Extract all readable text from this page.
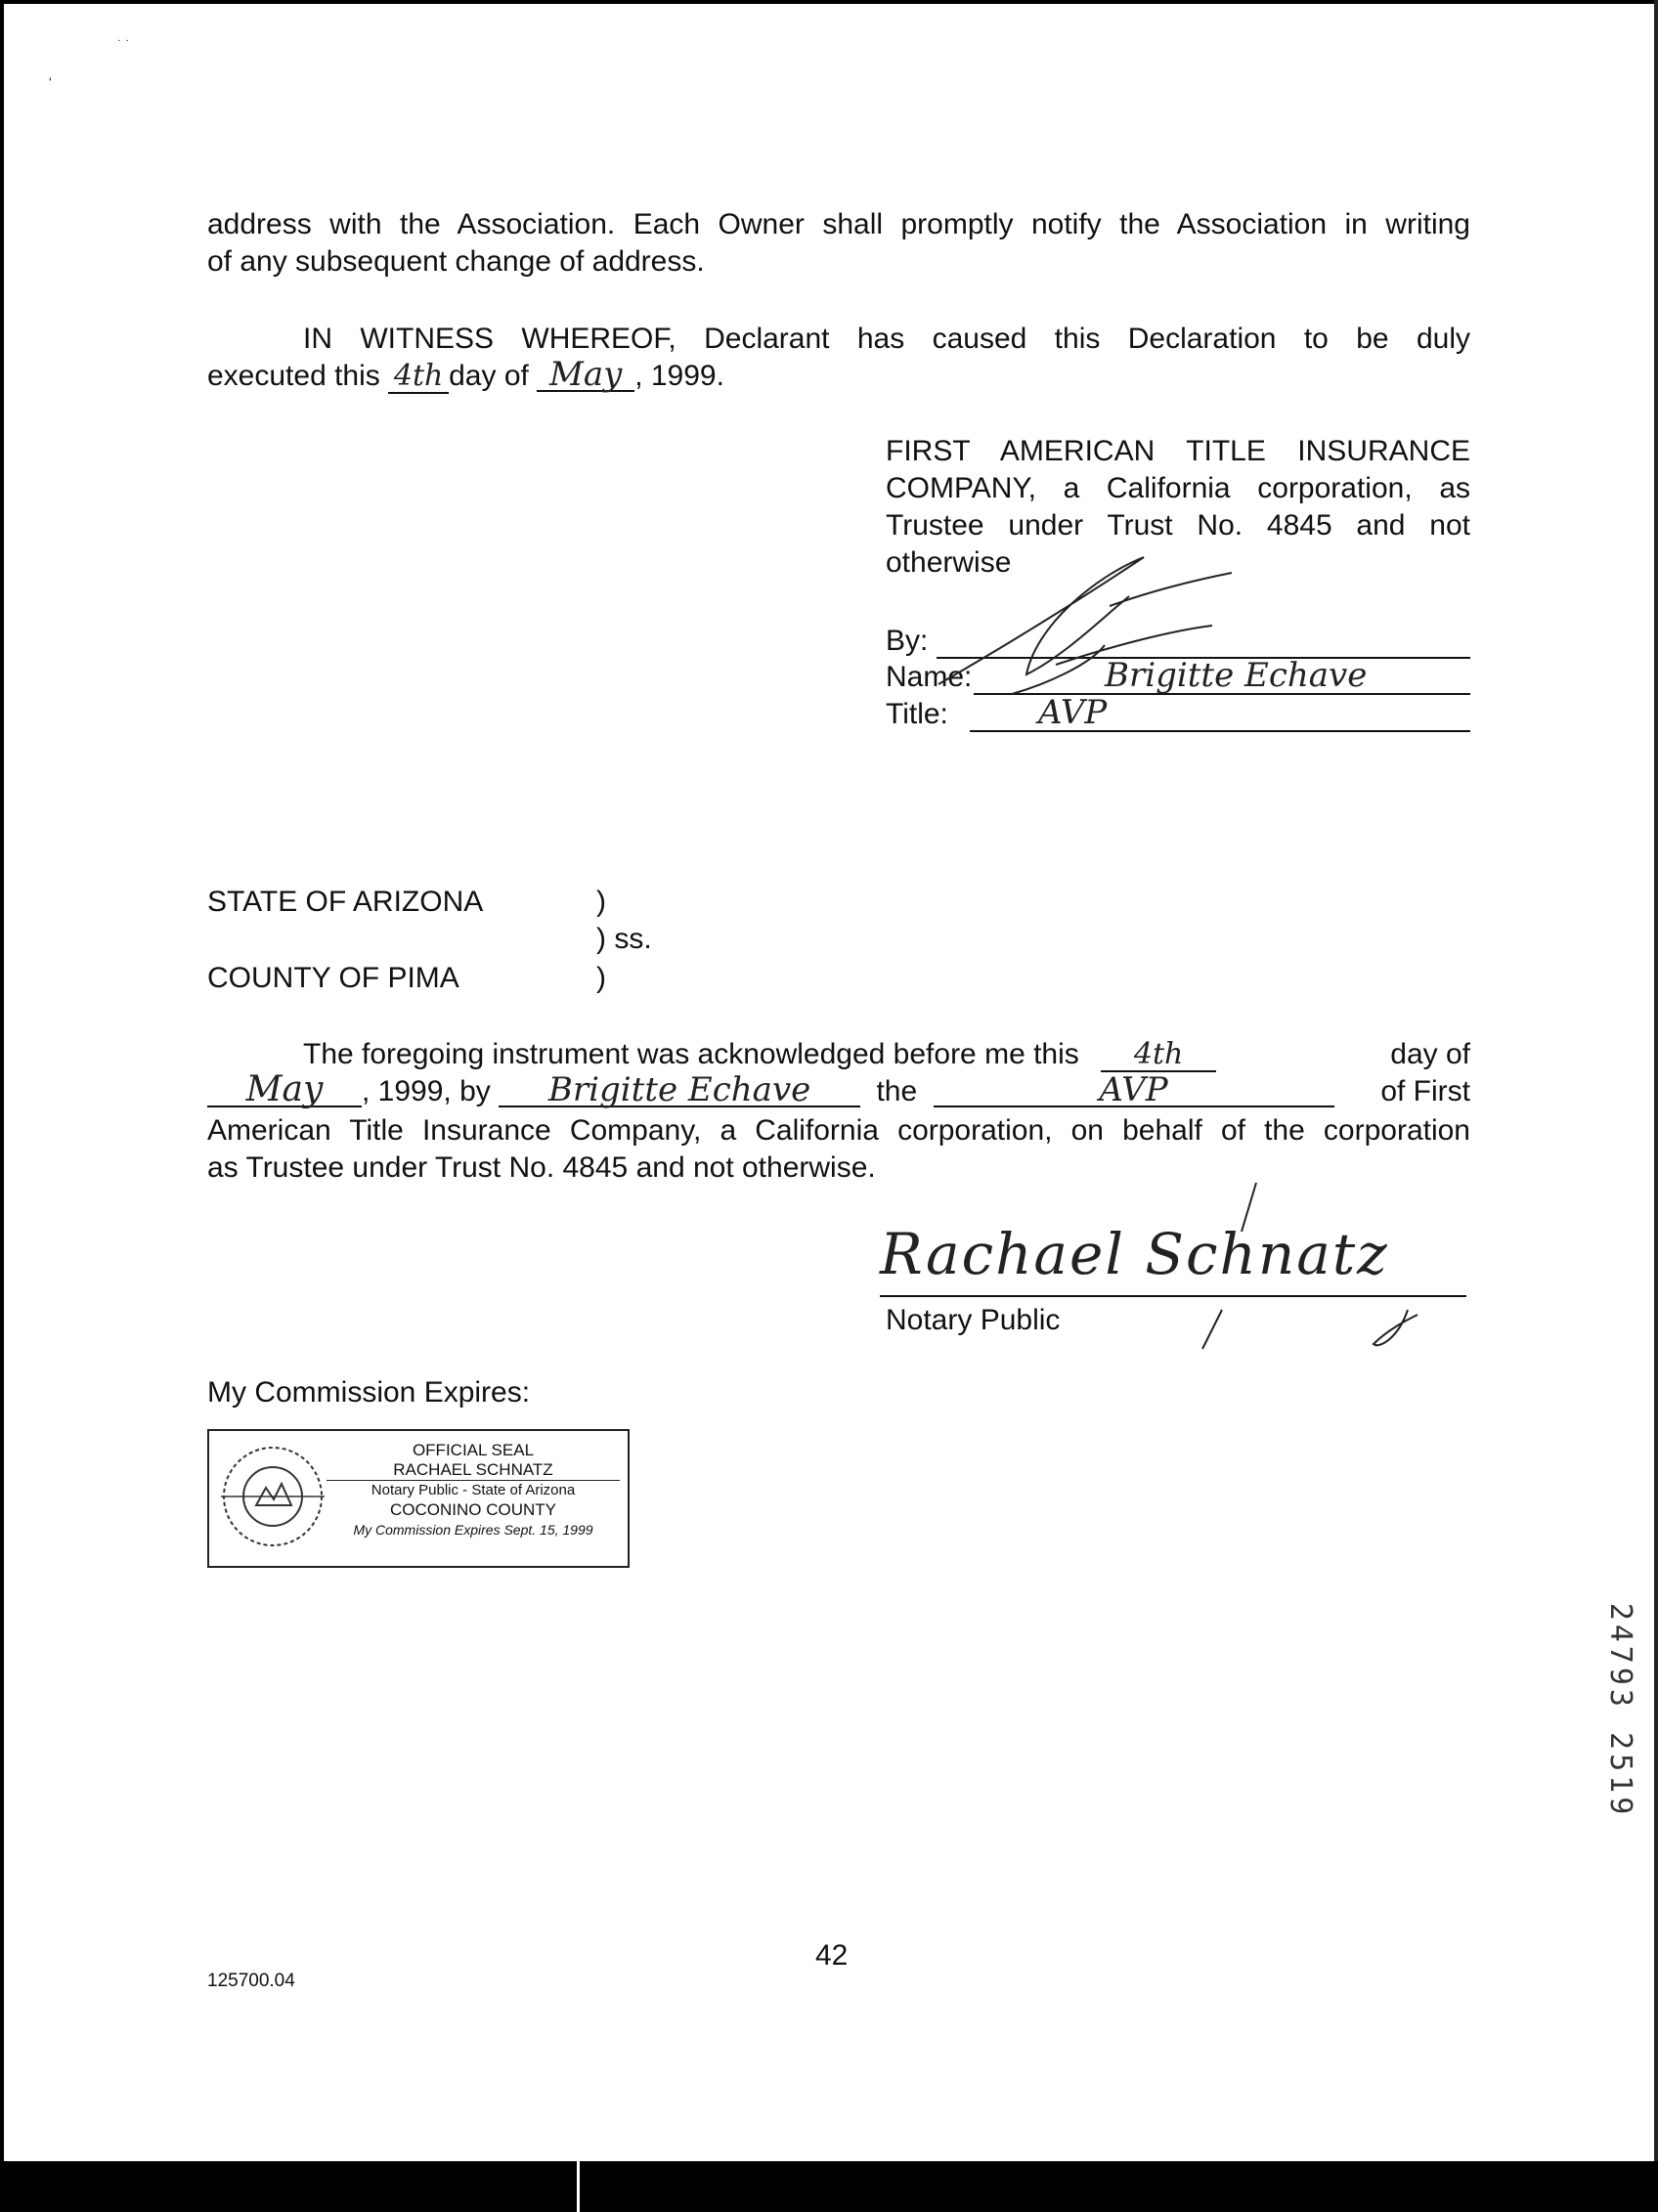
˙ ˙
'

address with the Association. Each Owner shall promptly notify the Association in writing

of any subsequent change of address.

IN WITNESS WHEREOF, Declarant has caused this Declaration to be duly

executed this 4th day of May , 1999.

FIRST AMERICAN TITLE INSURANCE
COMPANY, a California corporation, as
Trustee under Trust No. 4845 and not
otherwise
By:
Name:	Brigitte Echave
Title:	AVP
STATE OF ARIZONA	)
) ss.
COUNTY OF PIMA	)
The foregoing instrument was acknowledged before me this 4th	day of
May , 1999, by Brigitte Echave the	AVP	of First
American Title Insurance Company, a California corporation, on behalf of the corporation
as Trustee under Trust No. 4845 and not otherwise.
Rachael Schnatz
Notary Public
My Commission Expires:
OFFICIAL SEAL
RACHAEL SCHNATZ
Notary Public - State of Arizona
COCONINO COUNTY
My Commission Expires Sept. 15, 1999
125700.04
42
24793 2519
